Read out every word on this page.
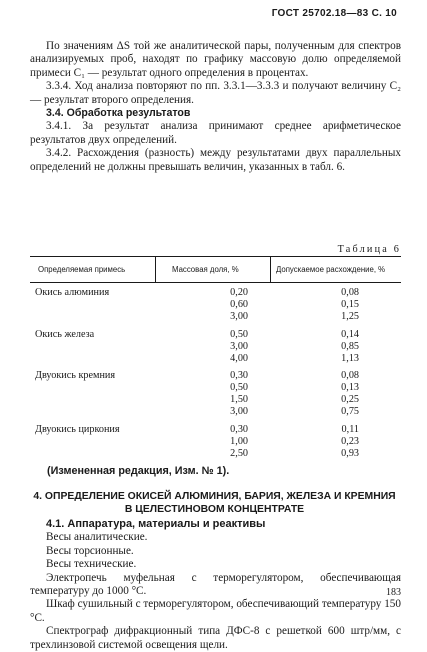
ГОСТ 25702.18—83 С. 10

По значениям ΔS той же аналитической пары, полученным для спектров анализируемых проб, находят по графику массовую долю определяемой примеси C₁ — результат одного определения в процентах.

3.3.4. Ход анализа повторяют по пп. 3.3.1—3.3.3 и получают величину C₂ — результат второго определения.

3.4. Обработка результатов

3.4.1. За результат анализа принимают среднее арифметическое результатов двух определений.

3.4.2. Расхождения (разность) между результатами двух параллельных определений не должны превышать величин, указанных в табл. 6.

Таблица 6
Определяемая примесь	Массовая доля, %	Допускаемое расхождение, %
Окись алюминия	0,20	0,08
0,60	0,15
3,00	1,25
Окись железа	0,50	0,14
3,00	0,85
4,00	1,13
Двуокись кремния	0,30	0,08
0,50	0,13
1,50	0,25
3,00	0,75
Двуокись циркония	0,30	0,11
1,00	0,23
2,50	0,93
(Измененная редакция, Изм. № 1).
4. ОПРЕДЕЛЕНИЕ ОКИСЕЙ АЛЮМИНИЯ, БАРИЯ, ЖЕЛЕЗА И КРЕМНИЯ
В ЦЕЛЕСТИНОВОМ КОНЦЕНТРАТЕ

4.1. Аппаратура, материалы и реактивы

Весы аналитические.

Весы торсионные.

Весы технические.

Электропечь муфельная с терморегулятором, обеспечивающая температуру до 1000 °С.

Шкаф сушильный с терморегулятором, обеспечивающий температуру 150 °С.

Спектрограф дифракционный типа ДФС-8 с решеткой 600 штр/мм, с трехлинзовой системой освещения щели.

183
